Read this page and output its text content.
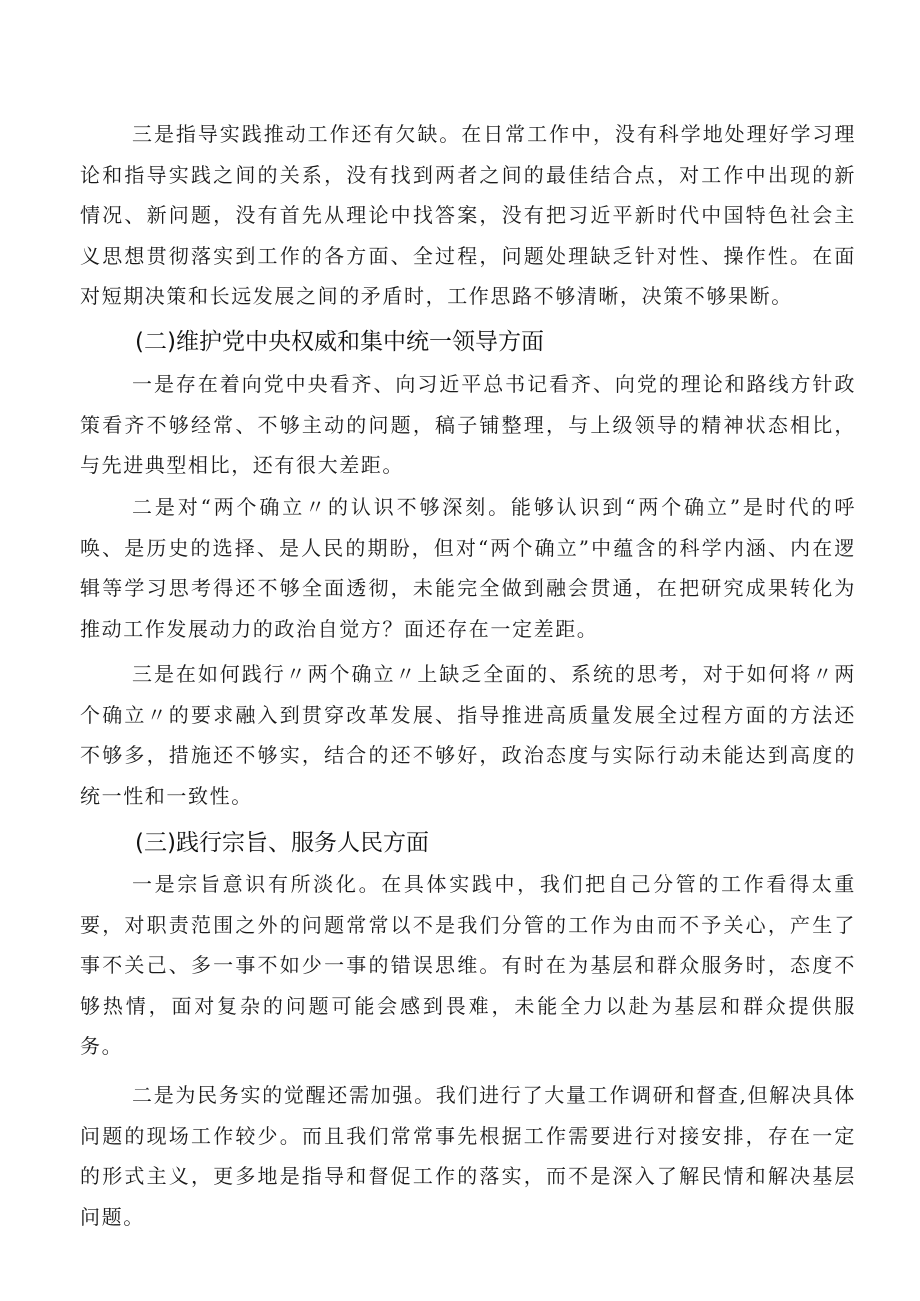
三是指导实践推动工作还有欠缺。在日常工作中，没有科学地处理好学习理论和指导实践之间的关系，没有找到两者之间的最佳结合点，对工作中出现的新情况、新问题，没有首先从理论中找答案，没有把习近平新时代中国特色社会主义思想贯彻落实到工作的各方面、全过程，问题处理缺乏针对性、操作性。在面对短期决策和长远发展之间的矛盾时，工作思路不够清晰，决策不够果断。

(二)维护党中央权威和集中统一领导方面

一是存在着向党中央看齐、向习近平总书记看齐、向党的理论和路线方针政策看齐不够经常、不够主动的问题，稿子铺整理，与上级领导的精神状态相比，与先进典型相比，还有很大差距。

二是对“两个确立〃的认识不够深刻。能够认识到“两个确立”是时代的呼唤、是历史的选择、是人民的期盼，但对“两个确立”中蕴含的科学内涵、内在逻辑等学习思考得还不够全面透彻，未能完全做到融会贯通，在把研究成果转化为推动工作发展动力的政治自觉方？面还存在一定差距。

三是在如何践行〃两个确立〃上缺乏全面的、系统的思考，对于如何将〃两个确立〃的要求融入到贯穿改革发展、指导推进高质量发展全过程方面的方法还不够多，措施还不够实，结合的还不够好，政治态度与实际行动未能达到高度的统一性和一致性。

(三)践行宗旨、服务人民方面

一是宗旨意识有所淡化。在具体实践中，我们把自己分管的工作看得太重要，对职责范围之外的问题常常以不是我们分管的工作为由而不予关心，产生了事不关己、多一事不如少一事的错误思维。有时在为基层和群众服务时，态度不够热情，面对复杂的问题可能会感到畏难，未能全力以赴为基层和群众提供服务。

二是为民务实的觉醒还需加强。我们进行了大量工作调研和督查,但解决具体问题的现场工作较少。而且我们常常事先根据工作需要进行对接安排，存在一定的形式主义，更多地是指导和督促工作的落实，而不是深入了解民情和解决基层问题。
